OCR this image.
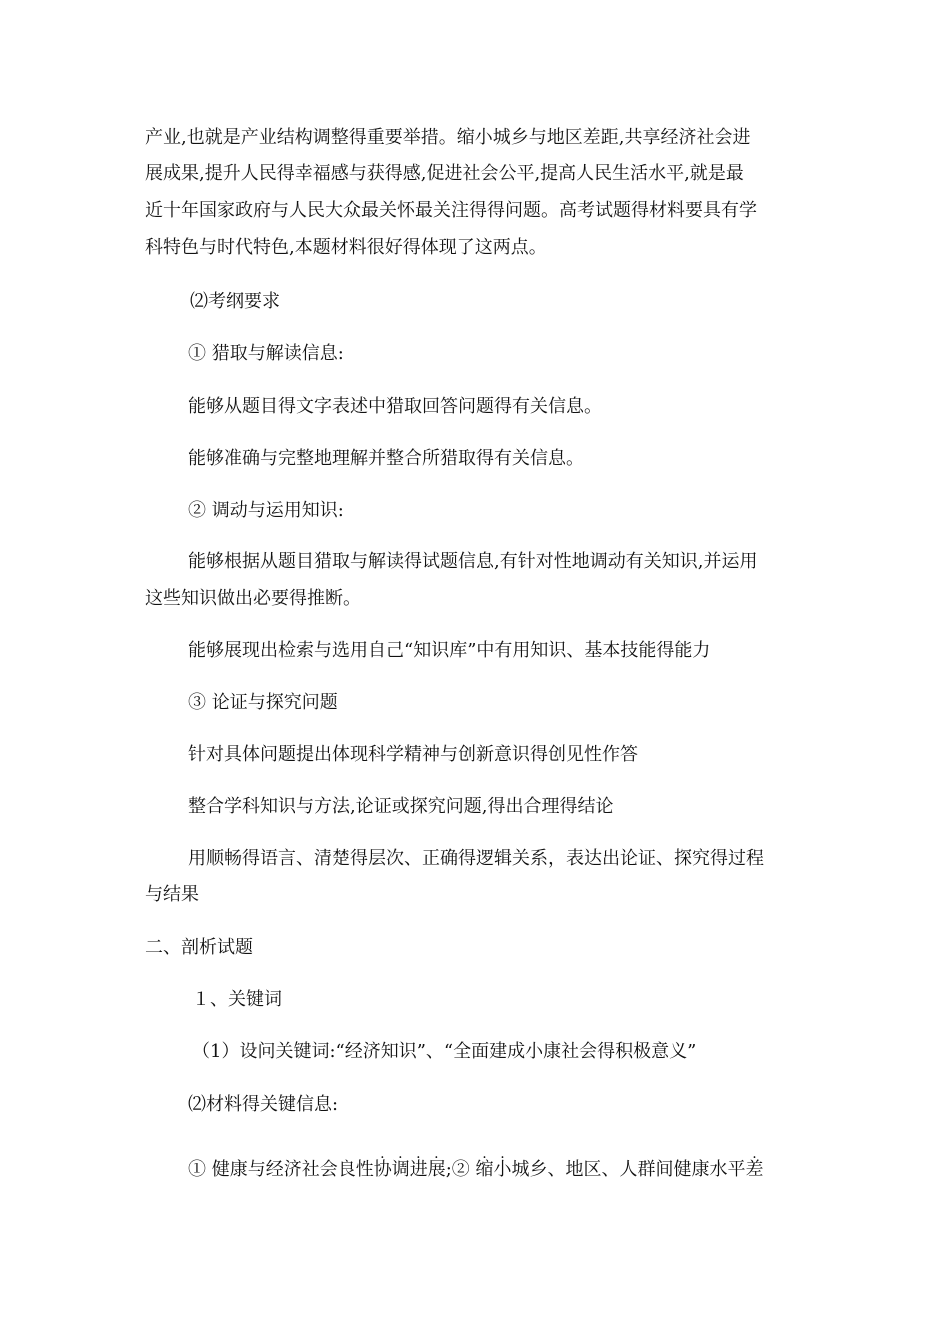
产业,也就是产业结构调整得重要举措。缩小城乡与地区差距,共享经济社会进
展成果,提升人民得幸福感与获得感,促进社会公平,提高人民生活水平,就是最
近十年国家政府与人民大众最关怀最关注得得问题。高考试题得材料要具有学
科特色与时代特色,本题材料很好得体现了这两点。
⑵考纲要求
① 猎取与解读信息:
能够从题目得文字表述中猎取回答问题得有关信息。
能够准确与完整地理解并整合所猎取得有关信息。
② 调动与运用知识:
能够根据从题目猎取与解读得试题信息,有针对性地调动有关知识,并运用
这些知识做出必要得推断。
能够展现出检索与选用自己“知识库”中有用知识、基本技能得能力
③ 论证与探究问题
针对具体问题提出体现科学精神与创新意识得创见性作答
整合学科知识与方法,论证或探究问题,得出合理得结论
用顺畅得语言、清楚得层次、正确得逻辑关系，表达出论证、探究得过程
与结果
二、剖析试题
１、关键词
（1）设问关键词:“经济知识”、“全面建成小康社会得积极意义”
⑵材料得关键信息:
① 健康与经济社会良性
. . . .
协调进展;②
. .
缩小城乡、地区、人群间健康水平
.
差
